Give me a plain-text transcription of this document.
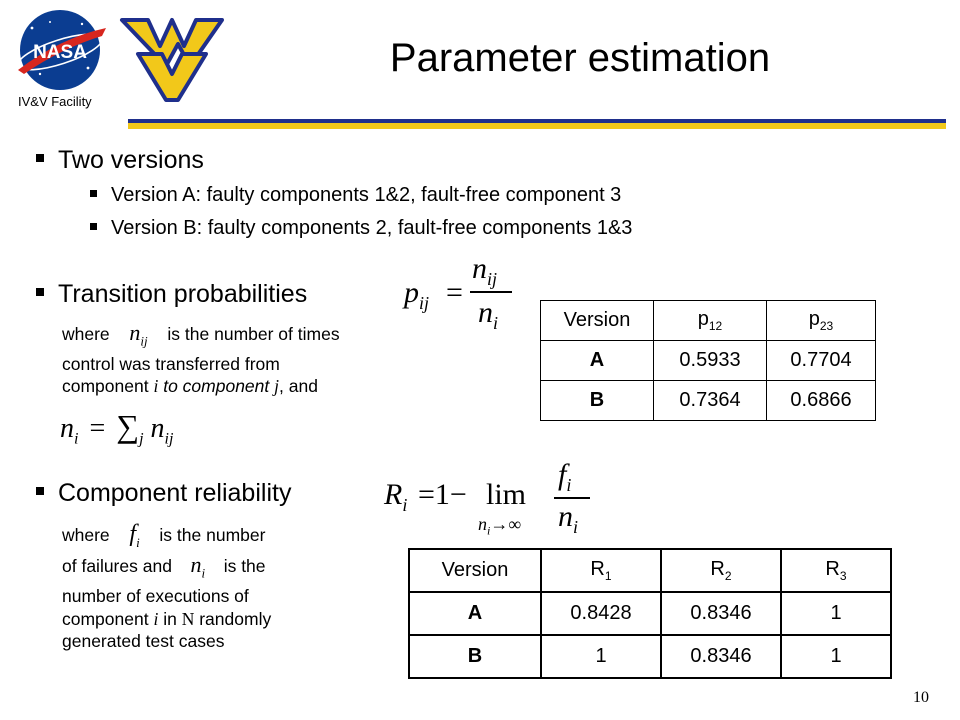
NASA
IV&V Facility
Parameter estimation
Two versions
Version A: faulty components 1&2, fault-free component 3
Version B: faulty components 2, fault-free components 1&3
Transition probabilities	$p_{ij}$ =
$n_{ij}$
$n_i$
where $n_{ij}$ is the number of times
control was transferred from
component i to component j, and
$n_i = \sum_j$ $n_{ij}$
Version	$p_{12}$	$p_{23}$
A	0.5933	0.7704
B	0.7364	0.6866
Component reliability	$R_i =1- \lim$
$n_i\to\infty$
$f_i$
$n_i$
where $f_i$ is the number
of failures and $n_i$ is the
number of executions of
component i in N randomly
generated test cases
Version	$R_1$	$R_2$	$R_3$
A	0.8428	0.8346	1
B	1	0.8346	1
10
